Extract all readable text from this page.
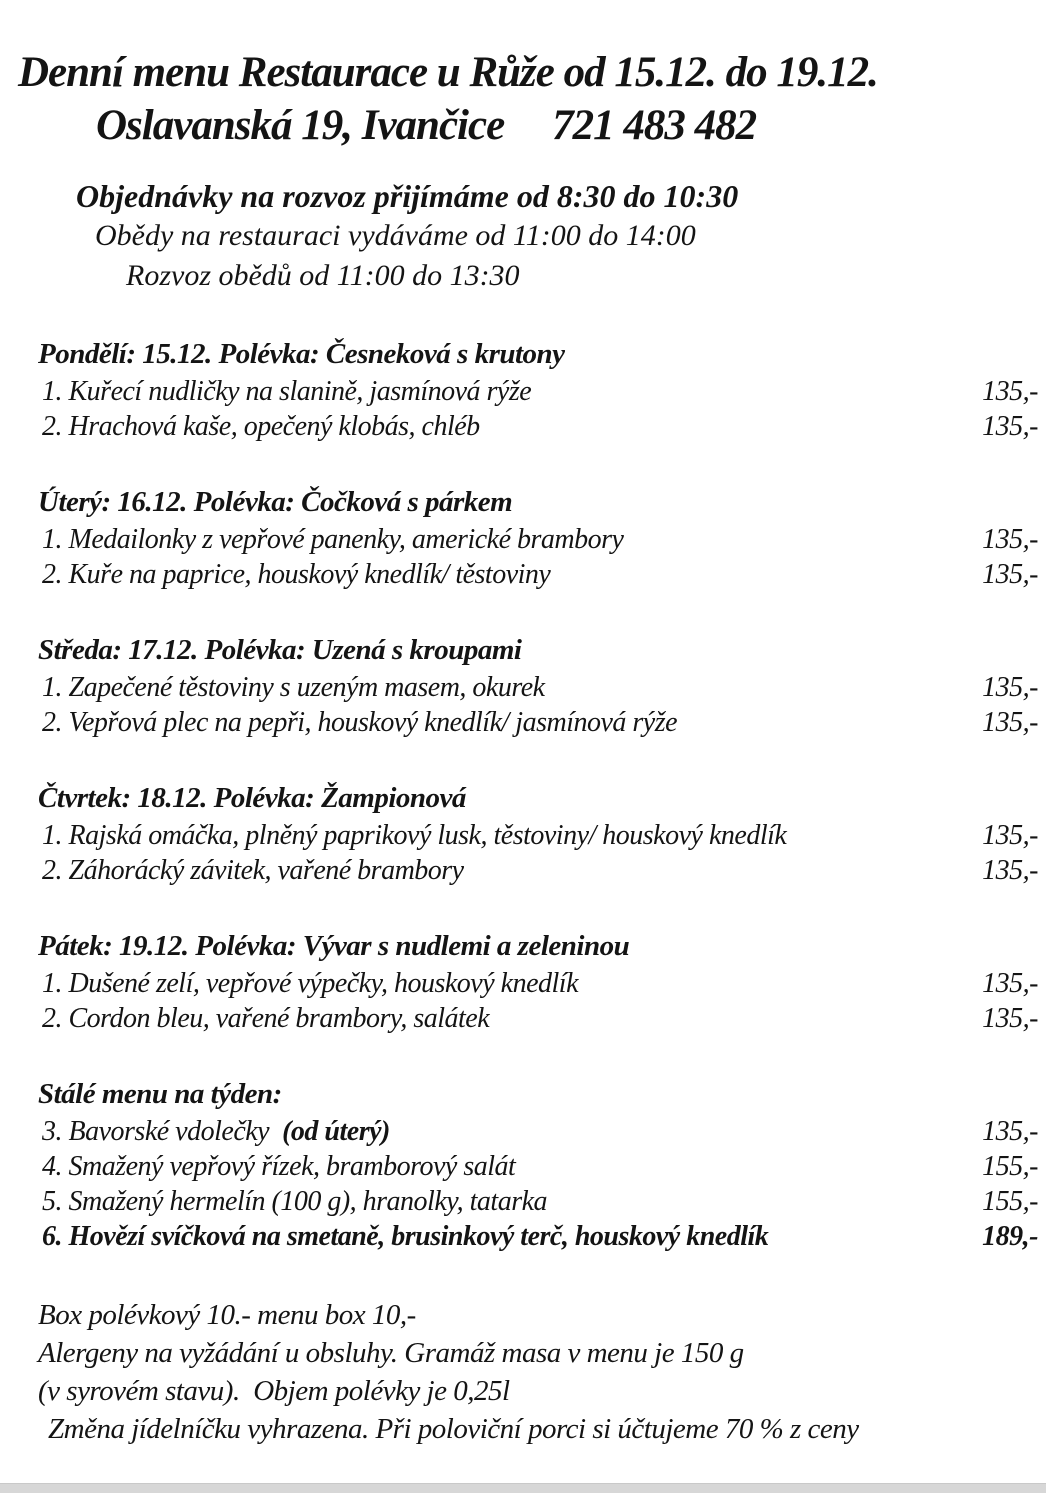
Denní menu Restaurace u Růže od 15.12. do 19.12.
Oslavanská 19, Ivančice 721 483 482
Objednávky na rozvoz přijímáme od 8:30 do 10:30
Obědy na restauraci vydáváme od 11:00 do 14:00
Rozvoz obědů od 11:00 do 13:30
Pondělí: 15.12. Polévka: Česneková s krutony
1. Kuřecí nudličky na slanině, jasmínová rýže	135,-
2. Hrachová kaše, opečený klobás, chléb	135,-
Úterý: 16.12. Polévka: Čočková s párkem
1. Medailonky z vepřové panenky, americké brambory	135,-
2. Kuře na paprice, houskový knedlík/ těstoviny	135,-
Středa: 17.12. Polévka: Uzená s kroupami
1. Zapečené těstoviny s uzeným masem, okurek	135,-
2. Vepřová plec na pepři, houskový knedlík/ jasmínová rýže	135,-
Čtvrtek: 18.12. Polévka: Žampionová
1. Rajská omáčka, plněný paprikový lusk, těstoviny/ houskový knedlík	135,-
2. Záhorácký závitek, vařené brambory	135,-
Pátek: 19.12. Polévka: Vývar s nudlemi a zeleninou
1. Dušené zelí, vepřové výpečky, houskový knedlík	135,-
2. Cordon bleu, vařené brambory, salátek	135,-
Stálé menu na týden:
3. Bavorské vdolečky  (od úterý)	135,-
4. Smažený vepřový řízek, bramborový salát	155,-
5. Smažený hermelín (100 g), hranolky, tatarka	155,-
6. Hovězí svíčková na smetaně, brusinkový terč, houskový knedlík	189,-
Box polévkový 10.- menu box 10,-
Alergeny na vyžádání u obsluhy. Gramáž masa v menu je 150 g
(v syrovém stavu).  Objem polévky je 0,25l
Změna jídelníčku vyhrazena. Při poloviční porci si účtujeme 70 % z ceny
